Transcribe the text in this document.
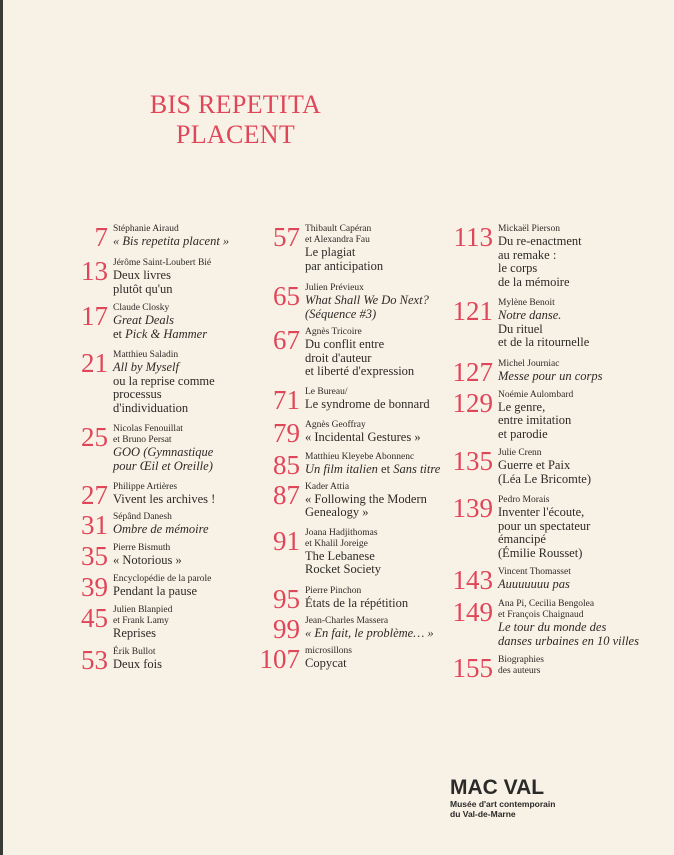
BIS REPETITA
PLACENT
7 Stéphanie Airaud
« Bis repetita placent »
13 Jérôme Saint-Loubert Bié
Deux livres
plutôt qu'un
17 Claude Closky
Great Deals
et Pick & Hammer
21 Matthieu Saladin
All by Myself
ou la reprise comme
processus
d'individuation
25 Nicolas Fenouillat
et Bruno Persat
GOO (Gymnastique
pour Œil et Oreille)
27 Philippe Artières
Vivent les archives !
31 Sépând Danesh
Ombre de mémoire
35 Pierre Bismuth
« Notorious »
39 Encyclopédie de la parole
Pendant la pause
45 Julien Blanpied
et Frank Lamy
Reprises
53 Érik Bullot
Deux fois
57 Thibault Capéran
et Alexandra Fau
Le plagiat
par anticipation
65 Julien Prévieux
What Shall We Do Next?
(Séquence #3)
67 Agnès Tricoire
Du conflit entre
droit d'auteur
et liberté d'expression
71 Le Bureau/
Le syndrome de bonnard
79 Agnès Geoffray
« Incidental Gestures »
85 Matthieu Kleyebe Abonnenc
Un film italien et Sans titre
87 Kader Attia
« Following the Modern
Genealogy »
91 Joana Hadjithomas
et Khalil Joreige
The Lebanese
Rocket Society
95 Pierre Pinchon
États de la répétition
99 Jean-Charles Massera
« En fait, le problème… »
107 microsillons
Copycat
113 Mickaël Pierson
Du re-enactment
au remake :
le corps
de la mémoire
121 Mylène Benoit
Notre danse.
Du rituel
et de la ritournelle
127 Michel Journiac
Messe pour un corps
129 Noémie Aulombard
Le genre,
entre imitation
et parodie
135 Julie Crenn
Guerre et Paix
(Léa Le Bricomte)
139 Pedro Morais
Inventer l'écoute,
pour un spectateur
émancipé
(Émilie Rousset)
143 Vincent Thomasset
Auuuuuuu pas
149 Ana Pi, Cecilia Bengolea
et François Chaignaud
Le tour du monde des
danses urbaines en 10 villes
155 Biographies
des auteurs
MAC VAL
Musée d'art contemporain
du Val-de-Marne
